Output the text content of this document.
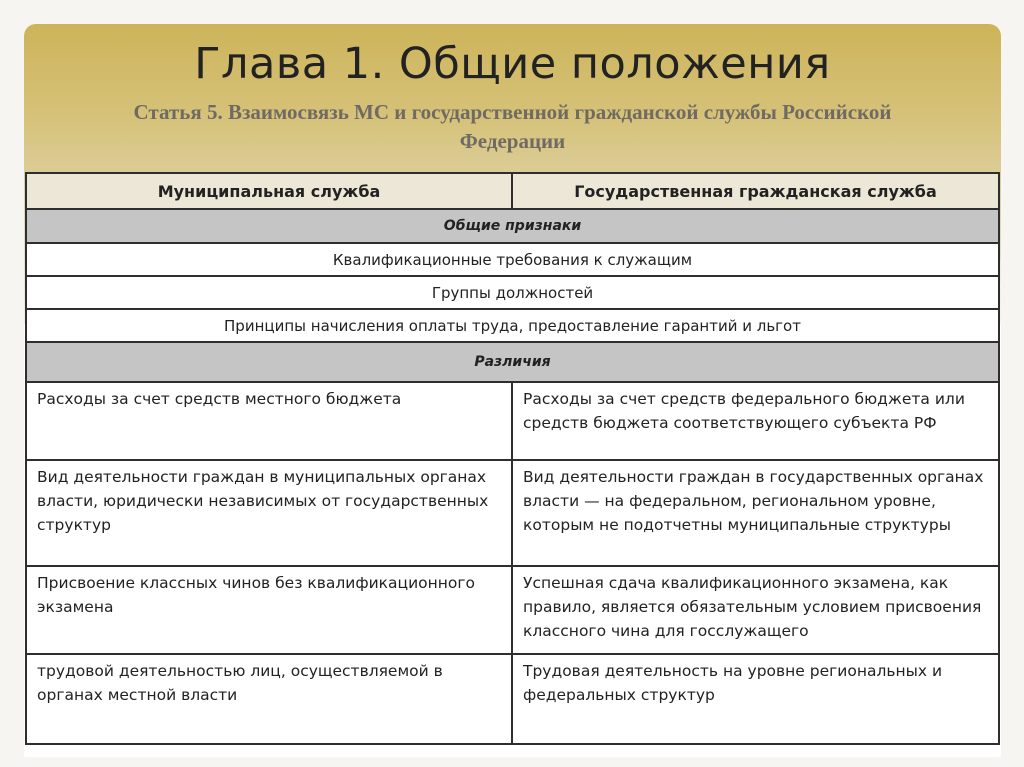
Глава 1. Общие положения
Статья 5. Взаимосвязь МС и государственной гражданской службы Российской Федерации
Муниципальная служба	Государственная гражданская служба
Общие признаки	
Квалификационные требования к служащим	
Группы должностей	
Принципы начисления оплаты труда, предоставление гарантий и льгот	
Различия	
Расходы за счет средств местного бюджета	Расходы за счет средств федерального бюджета или средств бюджета соответствующего субъекта РФ
Вид деятельности граждан в муниципальных органах власти, юридически независимых от государственных структур	Вид деятельности граждан в государственных органах власти — на федеральном, региональном уровне, которым не подотчетны муниципальные структуры
Присвоение классных чинов без квалификационного экзамена	Успешная сдача квалификационного экзамена, как правило, является обязательным условием присвоения классного чина для госслужащего
трудовой деятельностью лиц, осуществляемой в органах местной власти	Трудовая деятельность на уровне региональных и федеральных структур
